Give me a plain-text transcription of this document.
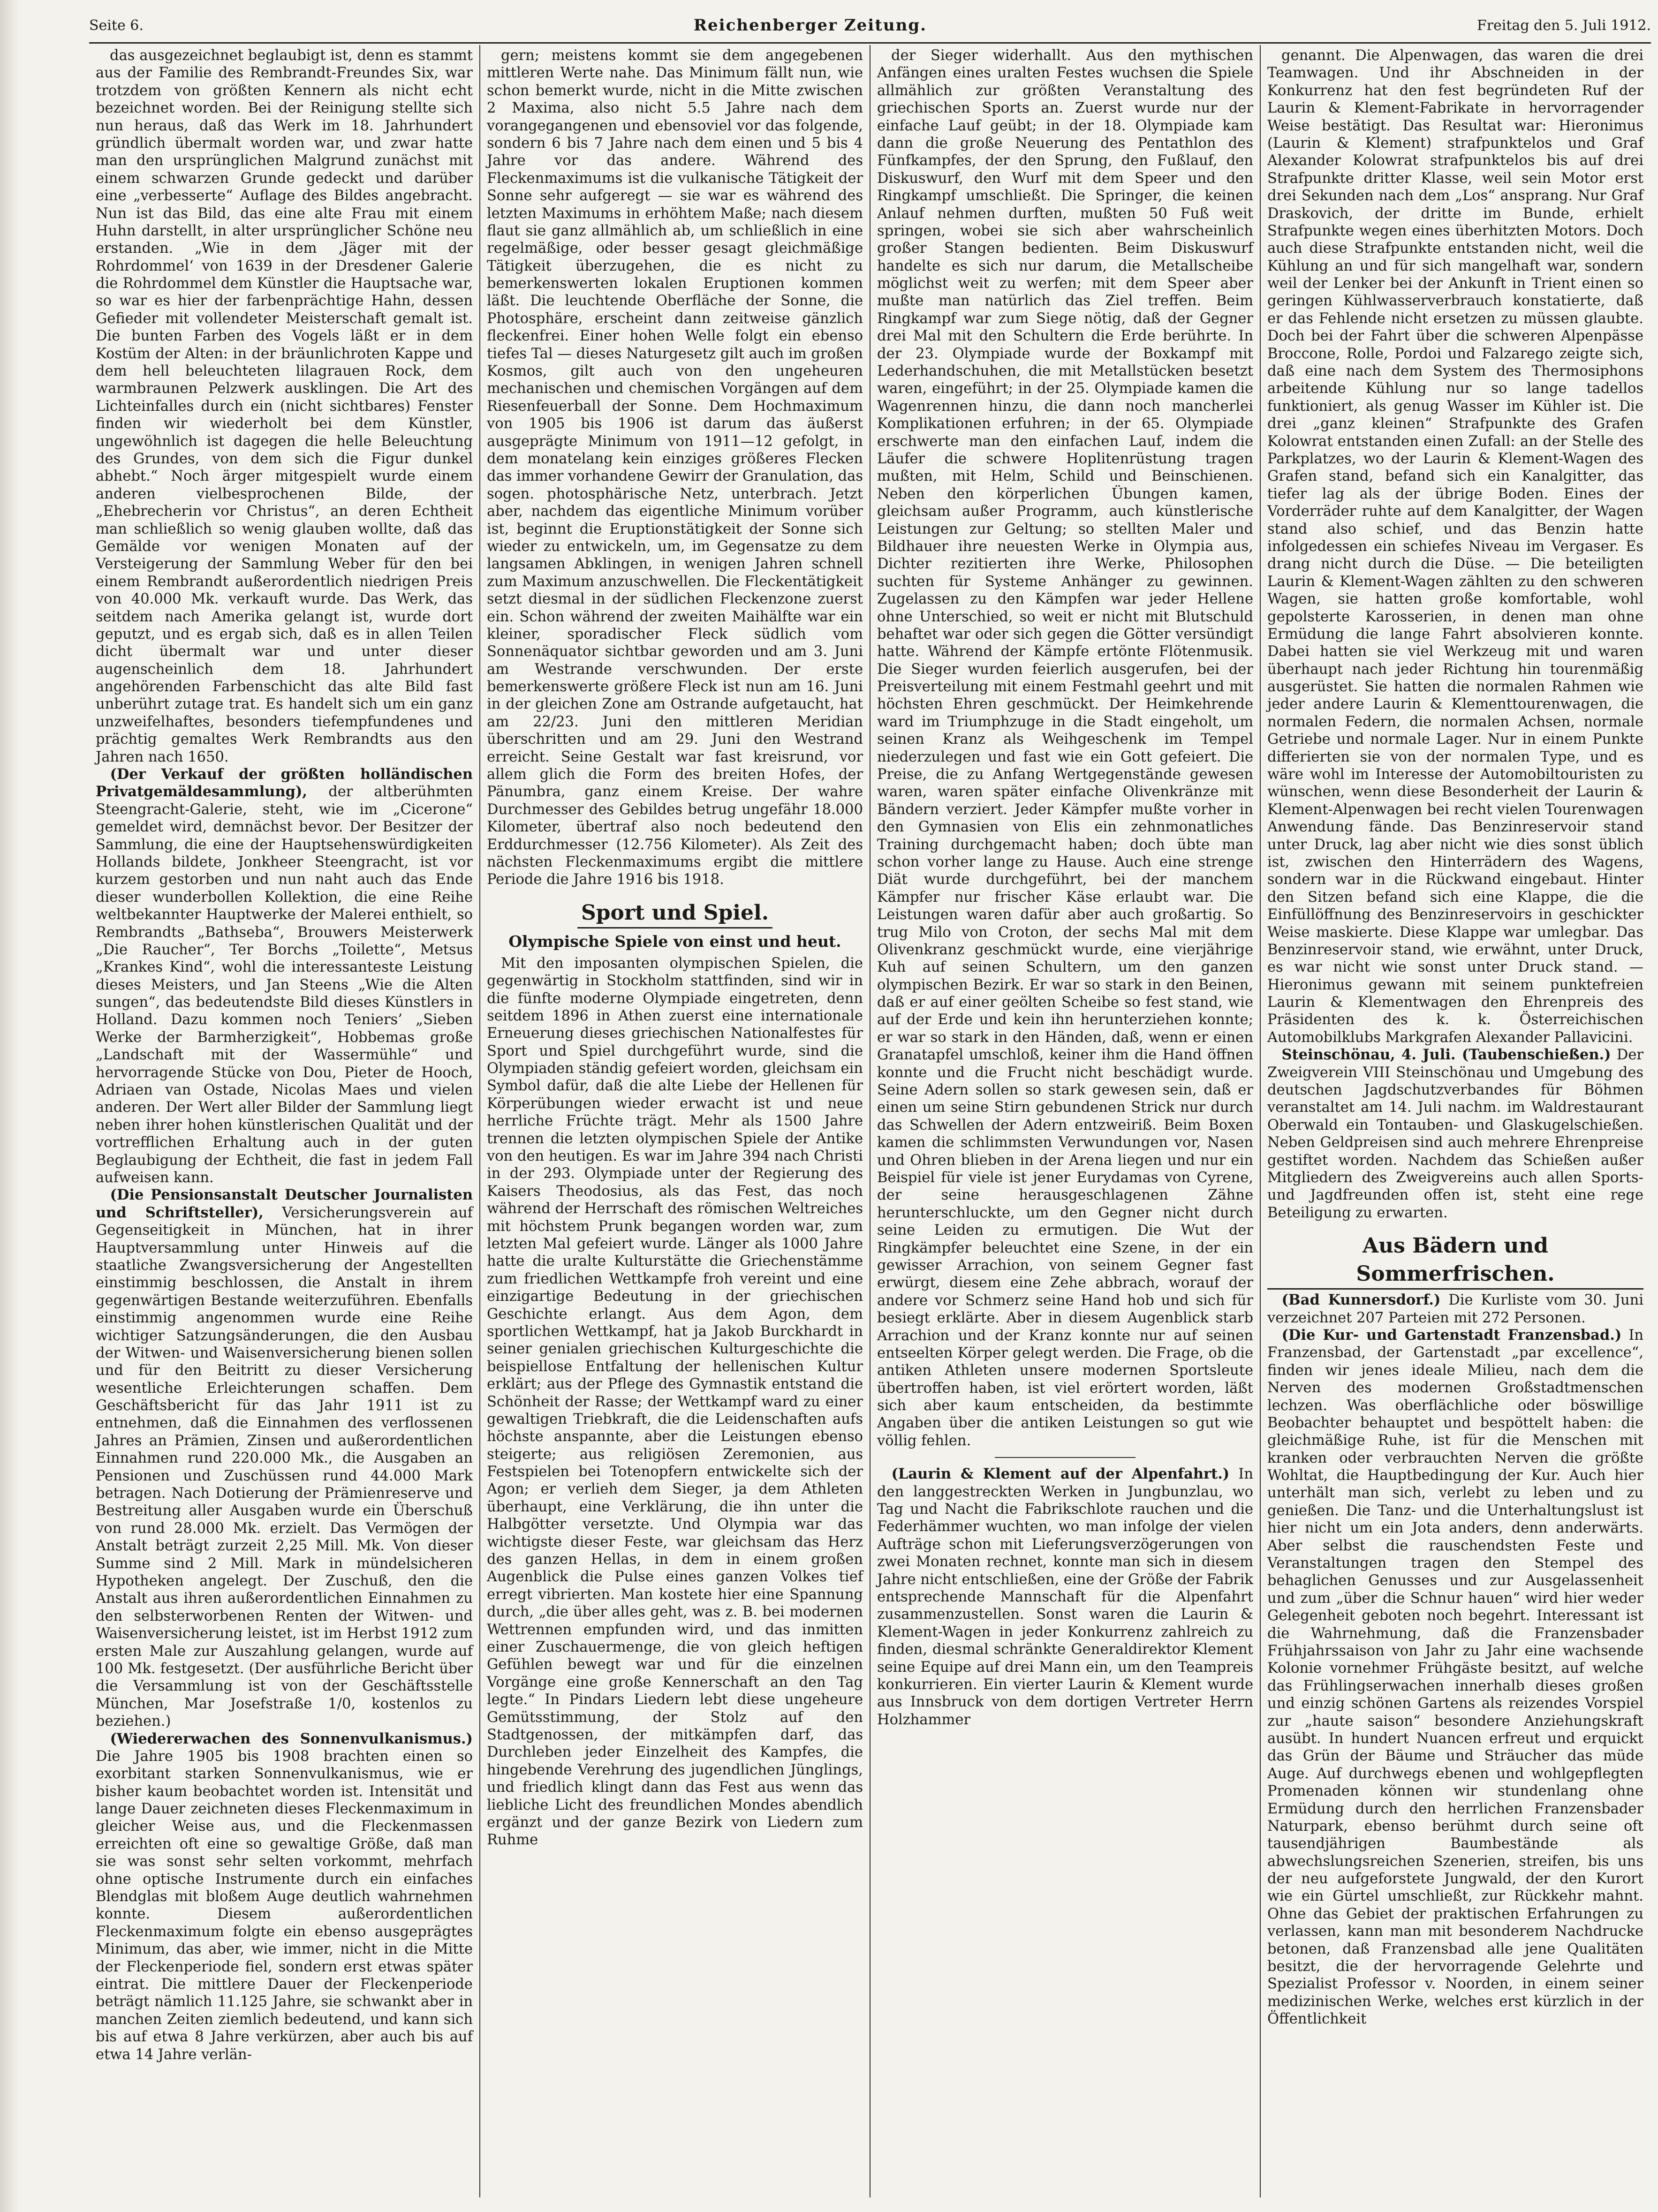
Seite 6.	Reichenberger Zeitung.	Freitag den 5. Juli 1912.

das ausgezeichnet beglaubigt ist, denn es stammt aus der Familie des Rembrandt-Freundes Six, war trotzdem von größten Kennern als nicht echt bezeichnet worden. Bei der Reinigung stellte sich nun heraus, daß das Werk im 18. Jahrhundert gründlich übermalt worden war, und zwar hatte man den ursprünglichen Malgrund zunächst mit einem schwarzen Grunde gedeckt und darüber eine „verbesserte“ Auflage des Bildes angebracht. Nun ist das Bild, das eine alte Frau mit einem Huhn darstellt, in alter ursprünglicher Schöne neu erstanden. „Wie in dem ‚Jäger mit der Rohrdommel‘ von 1639 in der Dresdener Galerie die Rohrdommel dem Künstler die Hauptsache war, so war es hier der farbenprächtige Hahn, dessen Gefieder mit vollendeter Meisterschaft gemalt ist. Die bunten Farben des Vogels läßt er in dem Kostüm der Alten: in der bräunlichroten Kappe und dem hell beleuchteten lilagrauen Rock, dem warmbraunen Pelzwerk ausklingen. Die Art des Lichteinfalles durch ein (nicht sichtbares) Fenster finden wir wiederholt bei dem Künstler, ungewöhnlich ist dagegen die helle Beleuchtung des Grundes, von dem sich die Figur dunkel abhebt.“ Noch ärger mitgespielt wurde einem anderen vielbesprochenen Bilde, der „Ehebrecherin vor Christus“, an deren Echtheit man schließlich so wenig glauben wollte, daß das Gemälde vor wenigen Monaten auf der Versteigerung der Sammlung Weber für den bei einem Rembrandt außerordentlich niedrigen Preis von 40.000 Mk. verkauft wurde. Das Werk, das seitdem nach Amerika gelangt ist, wurde dort geputzt, und es ergab sich, daß es in allen Teilen dicht übermalt war und unter dieser augenscheinlich dem 18. Jahrhundert angehörenden Farbenschicht das alte Bild fast unberührt zutage trat. Es handelt sich um ein ganz unzweifelhaftes, besonders tiefempfundenes und prächtig gemaltes Werk Rembrandts aus den Jahren nach 1650.

 (Der Verkauf der größten holländischen Privatgemäldesammlung), der altberühmten Steengracht-Galerie, steht, wie im „Cicerone“ gemeldet wird, demnächst bevor. Der Besitzer der Sammlung, die eine der Hauptsehenswürdigkeiten Hollands bildete, Jonkheer Steengracht, ist vor kurzem gestorben und nun naht auch das Ende dieser wunderbollen Kollektion, die eine Reihe weltbekannter Hauptwerke der Malerei enthielt, so Rembrandts „Bathseba“, Brouwers Meisterwerk „Die Raucher“, Ter Borchs „Toilette“, Metsus „Krankes Kind“, wohl die interessanteste Leistung dieses Meisters, und Jan Steens „Wie die Alten sungen“, das bedeutendste Bild dieses Künstlers in Holland. Dazu kommen noch Teniers’ „Sieben Werke der Barmherzigkeit“, Hobbemas große „Landschaft mit der Wassermühle“ und hervorragende Stücke von Dou, Pieter de Hooch, Adriaen van Ostade, Nicolas Maes und vielen anderen. Der Wert aller Bilder der Sammlung liegt neben ihrer hohen künstlerischen Qualität und der vortrefflichen Erhaltung auch in der guten Beglaubigung der Echtheit, die fast in jedem Fall aufweisen kann.

 (Die Pensionsanstalt Deutscher Journalisten und Schriftsteller), Versicherungsverein auf Gegenseitigkeit in München, hat in ihrer Hauptversammlung unter Hinweis auf die staatliche Zwangsversicherung der Angestellten einstimmig beschlossen, die Anstalt in ihrem gegenwärtigen Bestande weiterzuführen. Ebenfalls einstimmig angenommen wurde eine Reihe wichtiger Satzungsänderungen, die den Ausbau der Witwen- und Waisenversicherung bienen sollen und für den Beitritt zu dieser Versicherung wesentliche Erleichterungen schaffen. Dem Geschäftsbericht für das Jahr 1911 ist zu entnehmen, daß die Einnahmen des verflossenen Jahres an Prämien, Zinsen und außerordentlichen Einnahmen rund 220.000 Mk., die Ausgaben an Pensionen und Zuschüssen rund 44.000 Mark betragen. Nach Dotierung der Prämienreserve und Bestreitung aller Ausgaben wurde ein Überschuß von rund 28.000 Mk. erzielt. Das Vermögen der Anstalt beträgt zurzeit 2,25 Mill. Mk. Von dieser Summe sind 2 Mill. Mark in mündelsicheren Hypotheken angelegt. Der Zuschuß, den die Anstalt aus ihren außerordentlichen Einnahmen zu den selbsterworbenen Renten der Witwen- und Waisenversicherung leistet, ist im Herbst 1912 zum ersten Male zur Auszahlung gelangen, wurde auf 100 Mk. festgesetzt. (Der ausführliche Bericht über die Versammlung ist von der Geschäftsstelle München, Mar Josefstraße 1/0, kostenlos zu beziehen.)

 (Wiedererwachen des Sonnenvulkanismus.) Die Jahre 1905 bis 1908 brachten einen so exorbitant starken Sonnenvulkanismus, wie er bisher kaum beobachtet worden ist. Intensität und lange Dauer zeichneten dieses Fleckenmaximum in gleicher Weise aus, und die Fleckenmassen erreichten oft eine so gewaltige Größe, daß man sie was sonst sehr selten vorkommt, mehrfach ohne optische Instrumente durch ein einfaches Blendglas mit bloßem Auge deutlich wahrnehmen konnte. Diesem außerordentlichen Fleckenmaximum folgte ein ebenso ausgeprägtes Minimum, das aber, wie immer, nicht in die Mitte der Fleckenperiode fiel, sondern erst etwas später eintrat. Die mittlere Dauer der Fleckenperiode beträgt nämlich 11.125 Jahre, sie schwankt aber in manchen Zeiten ziemlich bedeutend, und kann sich bis auf etwa 8 Jahre verkürzen, aber auch bis auf etwa 14 Jahre verlän-

gern; meistens kommt sie dem angegebenen mittleren Werte nahe. Das Minimum fällt nun, wie schon bemerkt wurde, nicht in die Mitte zwischen 2 Maxima, also nicht 5.5 Jahre nach dem vorangegangenen und ebensoviel vor das folgende, sondern 6 bis 7 Jahre nach dem einen und 5 bis 4 Jahre vor das andere. Während des Fleckenmaximums ist die vulkanische Tätigkeit der Sonne sehr aufgeregt — sie war es während des letzten Maximums in erhöhtem Maße; nach diesem flaut sie ganz allmählich ab, um schließlich in eine regelmäßige, oder besser gesagt gleichmäßige Tätigkeit überzugehen, die es nicht zu bemerkenswerten lokalen Eruptionen kommen läßt. Die leuchtende Oberfläche der Sonne, die Photosphäre, erscheint dann zeitweise gänzlich fleckenfrei. Einer hohen Welle folgt ein ebenso tiefes Tal — dieses Naturgesetz gilt auch im großen Kosmos, gilt auch von den ungeheuren mechanischen und chemischen Vorgängen auf dem Riesenfeuerball der Sonne. Dem Hochmaximum von 1905 bis 1906 ist darum das äußerst ausgeprägte Minimum von 1911—12 gefolgt, in dem monatelang kein einziges größeres Flecken das immer vorhandene Gewirr der Granulation, das sogen. photosphärische Netz, unterbrach. Jetzt aber, nachdem das eigentliche Minimum vorüber ist, beginnt die Eruptionstätigkeit der Sonne sich wieder zu entwickeln, um, im Gegensatze zu dem langsamen Abklingen, in wenigen Jahren schnell zum Maximum anzuschwellen. Die Fleckentätigkeit setzt diesmal in der südlichen Fleckenzone zuerst ein. Schon während der zweiten Maihälfte war ein kleiner, sporadischer Fleck südlich vom Sonnenäquator sichtbar geworden und am 3. Juni am Westrande verschwunden. Der erste bemerkenswerte größere Fleck ist nun am 16. Juni in der gleichen Zone am Ostrande aufgetaucht, hat am 22/23. Juni den mittleren Meridian überschritten und am 29. Juni den Westrand erreicht. Seine Gestalt war fast kreisrund, vor allem glich die Form des breiten Hofes, der Pänumbra, ganz einem Kreise. Der wahre Durchmesser des Gebildes betrug ungefähr 18.000 Kilometer, übertraf also noch bedeutend den Erddurchmesser (12.756 Kilometer). Als Zeit des nächsten Fleckenmaximums ergibt die mittlere Periode die Jahre 1916 bis 1918.

Sport und Spiel.
Olympische Spiele von einst und heut.

Mit den imposanten olympischen Spielen, die gegenwärtig in Stockholm stattfinden, sind wir in die fünfte moderne Olympiade eingetreten, denn seitdem 1896 in Athen zuerst eine internationale Erneuerung dieses griechischen Nationalfestes für Sport und Spiel durchgeführt wurde, sind die Olympiaden ständig gefeiert worden, gleichsam ein Symbol dafür, daß die alte Liebe der Hellenen für Körperübungen wieder erwacht ist und neue herrliche Früchte trägt. Mehr als 1500 Jahre trennen die letzten olympischen Spiele der Antike von den heutigen. Es war im Jahre 394 nach Christi in der 293. Olympiade unter der Regierung des Kaisers Theodosius, als das Fest, das noch während der Herrschaft des römischen Weltreiches mit höchstem Prunk begangen worden war, zum letzten Mal gefeiert wurde. Länger als 1000 Jahre hatte die uralte Kulturstätte die Griechenstämme zum friedlichen Wettkampfe froh vereint und eine einzigartige Bedeutung in der griechischen Geschichte erlangt. Aus dem Agon, dem sportlichen Wettkampf, hat ja Jakob Burckhardt in seiner genialen griechischen Kulturgeschichte die beispiellose Entfaltung der hellenischen Kultur erklärt; aus der Pflege des Gymnastik entstand die Schönheit der Rasse; der Wettkampf ward zu einer gewaltigen Triebkraft, die die Leidenschaften aufs höchste anspannte, aber die Leistungen ebenso steigerte; aus religiösen Zeremonien, aus Festspielen bei Totenopfern entwickelte sich der Agon; er verlieh dem Sieger, ja dem Athleten überhaupt, eine Verklärung, die ihn unter die Halbgötter versetzte. Und Olympia war das wichtigste dieser Feste, war gleichsam das Herz des ganzen Hellas, in dem in einem großen Augenblick die Pulse eines ganzen Volkes tief erregt vibrierten. Man kostete hier eine Spannung durch, „die über alles geht, was z. B. bei modernen Wettrennen empfunden wird, und das inmitten einer Zuschauermenge, die von gleich heftigen Gefühlen bewegt war und für die einzelnen Vorgänge eine große Kennerschaft an den Tag legte.“ In Pindars Liedern lebt diese ungeheure Gemütsstimmung, der Stolz auf den Stadtgenossen, der mitkämpfen darf, das Durchleben jeder Einzelheit des Kampfes, die hingebende Verehrung des jugendlichen Jünglings, und friedlich klingt dann das Fest aus wenn das liebliche Licht des freundlichen Mondes abendlich ergänzt und der ganze Bezirk von Liedern zum Ruhme

der Sieger widerhallt. Aus den mythischen Anfängen eines uralten Festes wuchsen die Spiele allmählich zur größten Veranstaltung des griechischen Sports an. Zuerst wurde nur der einfache Lauf geübt; in der 18. Olympiade kam dann die große Neuerung des Pentathlon des Fünfkampfes, der den Sprung, den Fußlauf, den Diskuswurf, den Wurf mit dem Speer und den Ringkampf umschließt. Die Springer, die keinen Anlauf nehmen durften, mußten 50 Fuß weit springen, wobei sie sich aber wahrscheinlich großer Stangen bedienten. Beim Diskuswurf handelte es sich nur darum, die Metallscheibe möglichst weit zu werfen; mit dem Speer aber mußte man natürlich das Ziel treffen. Beim Ringkampf war zum Siege nötig, daß der Gegner drei Mal mit den Schultern die Erde berührte. In der 23. Olympiade wurde der Boxkampf mit Lederhandschuhen, die mit Metallstücken besetzt waren, eingeführt; in der 25. Olympiade kamen die Wagenrennen hinzu, die dann noch mancherlei Komplikationen erfuhren; in der 65. Olympiade erschwerte man den einfachen Lauf, indem die Läufer die schwere Hoplitenrüstung tragen mußten, mit Helm, Schild und Beinschienen. Neben den körperlichen Übungen kamen, gleichsam außer Programm, auch künstlerische Leistungen zur Geltung; so stellten Maler und Bildhauer ihre neuesten Werke in Olympia aus, Dichter rezitierten ihre Werke, Philosophen suchten für Systeme Anhänger zu gewinnen. Zugelassen zu den Kämpfen war jeder Hellene ohne Unterschied, so weit er nicht mit Blutschuld behaftet war oder sich gegen die Götter versündigt hatte. Während der Kämpfe ertönte Flötenmusik. Die Sieger wurden feierlich ausgerufen, bei der Preisverteilung mit einem Festmahl geehrt und mit höchsten Ehren geschmückt. Der Heimkehrende ward im Triumphzuge in die Stadt eingeholt, um seinen Kranz als Weihgeschenk im Tempel niederzulegen und fast wie ein Gott gefeiert. Die Preise, die zu Anfang Wertgegenstände gewesen waren, waren später einfache Olivenkränze mit Bändern verziert. Jeder Kämpfer mußte vorher in den Gymnasien von Elis ein zehnmonatliches Training durchgemacht haben; doch übte man schon vorher lange zu Hause. Auch eine strenge Diät wurde durchgeführt, bei der manchem Kämpfer nur frischer Käse erlaubt war. Die Leistungen waren dafür aber auch großartig. So trug Milo von Croton, der sechs Mal mit dem Olivenkranz geschmückt wurde, eine vierjährige Kuh auf seinen Schultern, um den ganzen olympischen Bezirk. Er war so stark in den Beinen, daß er auf einer geölten Scheibe so fest stand, wie auf der Erde und kein ihn herunterziehen konnte; er war so stark in den Händen, daß, wenn er einen Granatapfel umschloß, keiner ihm die Hand öffnen konnte und die Frucht nicht beschädigt wurde. Seine Adern sollen so stark gewesen sein, daß er einen um seine Stirn gebundenen Strick nur durch das Schwellen der Adern entzweiriß. Beim Boxen kamen die schlimmsten Verwundungen vor, Nasen und Ohren blieben in der Arena liegen und nur ein Beispiel für viele ist jener Eurydamas von Cyrene, der seine herausgeschlagenen Zähne herunterschluckte, um den Gegner nicht durch seine Leiden zu ermutigen. Die Wut der Ringkämpfer beleuchtet eine Szene, in der ein gewisser Arrachion, von seinem Gegner fast erwürgt, diesem eine Zehe abbrach, worauf der andere vor Schmerz seine Hand hob und sich für besiegt erklärte. Aber in diesem Augenblick starb Arrachion und der Kranz konnte nur auf seinen entseelten Körper gelegt werden. Die Frage, ob die antiken Athleten unsere modernen Sportsleute übertroffen haben, ist viel erörtert worden, läßt sich aber kaum entscheiden, da bestimmte Angaben über die antiken Leistungen so gut wie völlig fehlen.

 (Laurin & Klement auf der Alpenfahrt.) In den langgestreckten Werken in Jungbunzlau, wo Tag und Nacht die Fabrikschlote rauchen und die Federhämmer wuchten, wo man infolge der vielen Aufträge schon mit Lieferungsverzögerungen von zwei Monaten rechnet, konnte man sich in diesem Jahre nicht entschließen, eine der Größe der Fabrik entsprechende Mannschaft für die Alpenfahrt zusammenzustellen. Sonst waren die Laurin & Klement-Wagen in jeder Konkurrenz zahlreich zu finden, diesmal schränkte Generaldirektor Klement seine Equipe auf drei Mann ein, um den Teampreis konkurrieren. Ein vierter Laurin & Klement wurde aus Innsbruck von dem dortigen Vertreter Herrn Holzhammer

genannt. Die Alpenwagen, das waren die drei Teamwagen. Und ihr Abschneiden in der Konkurrenz hat den fest begründeten Ruf der Laurin & Klement-Fabrikate in hervorragender Weise bestätigt. Das Resultat war: Hieronimus (Laurin & Klement) strafpunktelos und Graf Alexander Kolowrat strafpunktelos bis auf drei Strafpunkte dritter Klasse, weil sein Motor erst drei Sekunden nach dem „Los“ ansprang. Nur Graf Draskovich, der dritte im Bunde, erhielt Strafpunkte wegen eines überhitzten Motors. Doch auch diese Strafpunkte entstanden nicht, weil die Kühlung an und für sich mangelhaft war, sondern weil der Lenker bei der Ankunft in Trient einen so geringen Kühlwasserverbrauch konstatierte, daß er das Fehlende nicht ersetzen zu müssen glaubte. Doch bei der Fahrt über die schweren Alpenpässe Broccone, Rolle, Pordoi und Falzarego zeigte sich, daß eine nach dem System des Thermosiphons arbeitende Kühlung nur so lange tadellos funktioniert, als genug Wasser im Kühler ist. Die drei „ganz kleinen“ Strafpunkte des Grafen Kolowrat entstanden einen Zufall: an der Stelle des Parkplatzes, wo der Laurin & Klement-Wagen des Grafen stand, befand sich ein Kanalgitter, das tiefer lag als der übrige Boden. Eines der Vorderräder ruhte auf dem Kanalgitter, der Wagen stand also schief, und das Benzin hatte infolgedessen ein schiefes Niveau im Vergaser. Es drang nicht durch die Düse. — Die beteiligten Laurin & Klement-Wagen zählten zu den schweren Wagen, sie hatten große komfortable, wohl gepolsterte Karosserien, in denen man ohne Ermüdung die lange Fahrt absolvieren konnte. Dabei hatten sie viel Werkzeug mit und waren überhaupt nach jeder Richtung hin tourenmäßig ausgerüstet. Sie hatten die normalen Rahmen wie jeder andere Laurin & Klementtourenwagen, die normalen Federn, die normalen Achsen, normale Getriebe und normale Lager. Nur in einem Punkte differierten sie von der normalen Type, und es wäre wohl im Interesse der Automobiltouristen zu wünschen, wenn diese Besonderheit der Laurin & Klement-Alpenwagen bei recht vielen Tourenwagen Anwendung fände. Das Benzinreservoir stand unter Druck, lag aber nicht wie dies sonst üblich ist, zwischen den Hinterrädern des Wagens, sondern war in die Rückwand eingebaut. Hinter den Sitzen befand sich eine Klappe, die die Einfüllöffnung des Benzinreservoirs in geschickter Weise maskierte. Diese Klappe war umlegbar. Das Benzinreservoir stand, wie erwähnt, unter Druck, es war nicht wie sonst unter Druck stand. — Hieronimus gewann mit seinem punktefreien Laurin & Klementwagen den Ehrenpreis des Präsidenten des k. k. Österreichischen Automobilklubs Markgrafen Alexander Pallavicini.

 Steinschönau, 4. Juli. (Taubenschießen.) Der Zweigverein VIII Steinschönau und Umgebung des deutschen Jagdschutzverbandes für Böhmen veranstaltet am 14. Juli nachm. im Waldrestaurant Oberwald ein Tontauben- und Glaskugelschießen. Neben Geldpreisen sind auch mehrere Ehrenpreise gestiftet worden. Nachdem das Schießen außer Mitgliedern des Zweigvereins auch allen Sports- und Jagdfreunden offen ist, steht eine rege Beteiligung zu erwarten.

Aus Bädern und Sommerfrischen.

 (Bad Kunnersdorf.) Die Kurliste vom 30. Juni verzeichnet 207 Parteien mit 272 Personen.

 (Die Kur- und Gartenstadt Franzensbad.) In Franzensbad, der Gartenstadt „par excellence“, finden wir jenes ideale Milieu, nach dem die Nerven des modernen Großstadtmenschen lechzen. Was oberflächliche oder böswillige Beobachter behauptet und bespöttelt haben: die gleichmäßige Ruhe, ist für die Menschen mit kranken oder verbrauchten Nerven die größte Wohltat, die Hauptbedingung der Kur. Auch hier unterhält man sich, verlebt zu leben und zu genießen. Die Tanz- und die Unterhaltungslust ist hier nicht um ein Jota anders, denn anderwärts. Aber selbst die rauschendsten Feste und Veranstaltungen tragen den Stempel des behaglichen Genusses und zur Ausgelassenheit und zum „über die Schnur hauen“ wird hier weder Gelegenheit geboten noch begehrt. Interessant ist die Wahrnehmung, daß die Franzensbader Frühjahrssaison von Jahr zu Jahr eine wachsende Kolonie vornehmer Frühgäste besitzt, auf welche das Frühlingserwachen innerhalb dieses großen und einzig schönen Gartens als reizendes Vorspiel zur „haute saison“ besondere Anziehungskraft ausübt. In hundert Nuancen erfreut und erquickt das Grün der Bäume und Sträucher das müde Auge. Auf durchwegs ebenen und wohlgepflegten Promenaden können wir stundenlang ohne Ermüdung durch den herrlichen Franzensbader Naturpark, ebenso berühmt durch seine oft tausendjährigen Baumbestände als abwechslungsreichen Szenerien, streifen, bis uns der neu aufgeforstete Jungwald, der den Kurort wie ein Gürtel umschließt, zur Rückkehr mahnt. Ohne das Gebiet der praktischen Erfahrungen zu verlassen, kann man mit besonderem Nachdrucke betonen, daß Franzensbad alle jene Qualitäten besitzt, die der hervorragende Gelehrte und Spezialist Professor v. Noorden, in einem seiner medizinischen Werke, welches erst kürzlich in der Öffentlichkeit
